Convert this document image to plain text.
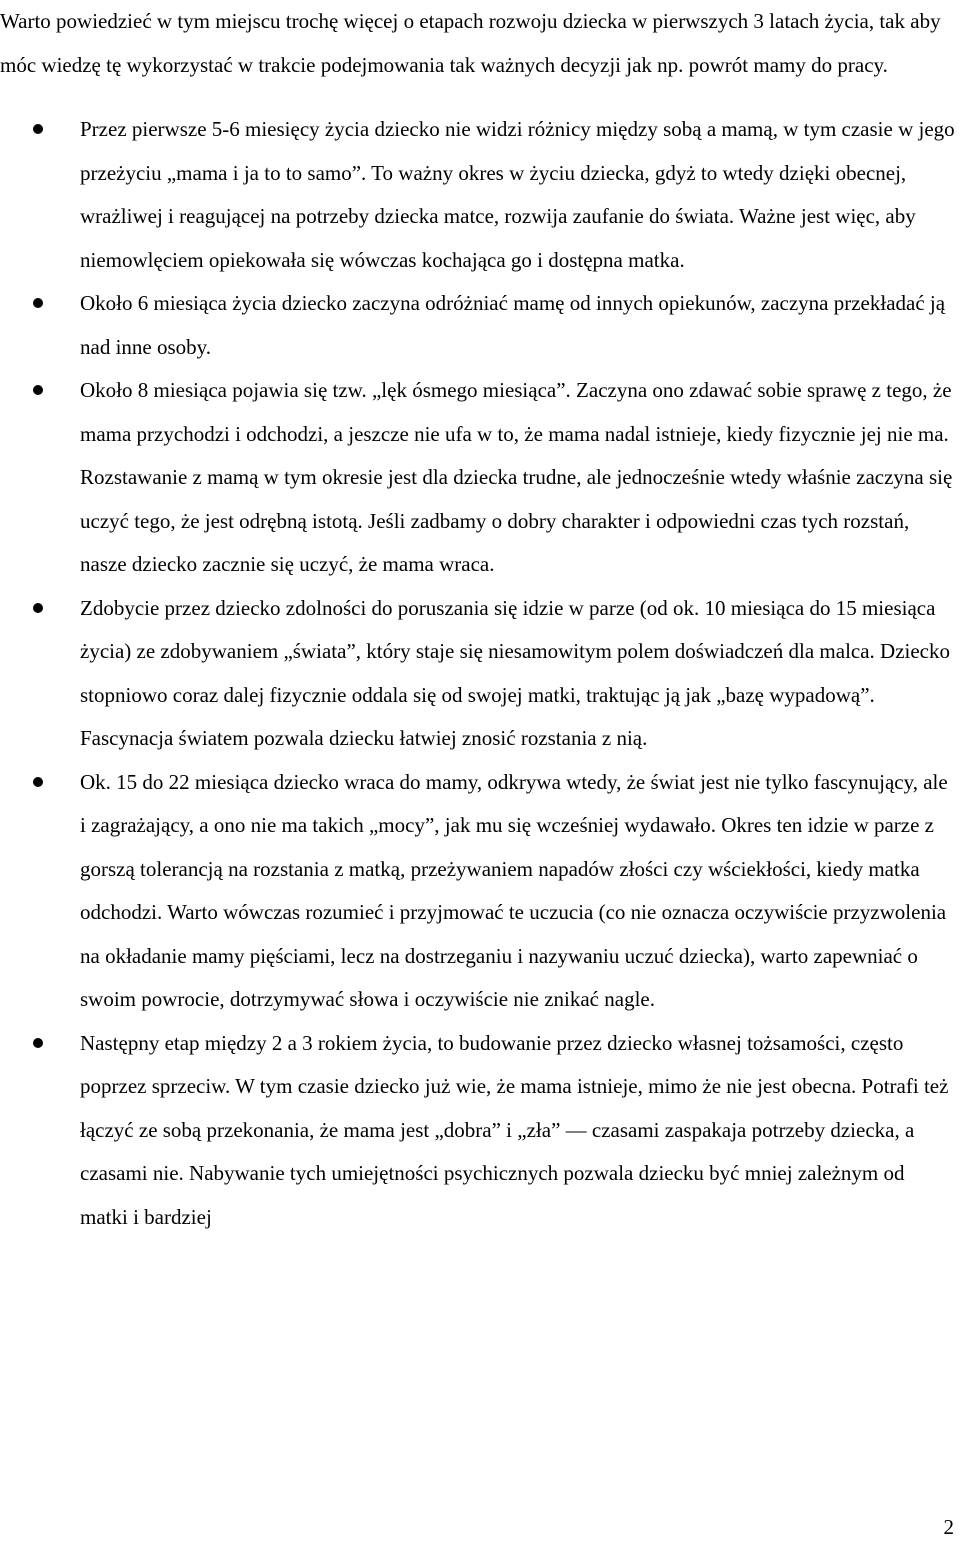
Warto powiedzieć w tym miejscu trochę więcej o etapach rozwoju dziecka w pierwszych 3 latach życia, tak aby móc wiedzę tę wykorzystać w trakcie podejmowania tak ważnych decyzji jak np. powrót mamy do pracy.

Przez pierwsze 5-6 miesięcy życia dziecko nie widzi różnicy między sobą a mamą, w tym czasie w jego przeżyciu „mama i ja to to samo”. To ważny okres w życiu dziecka, gdyż to wtedy dzięki obecnej, wrażliwej i reagującej na potrzeby dziecka matce, rozwija zaufanie do świata. Ważne jest więc, aby niemowlęciem opiekowała się wówczas kochająca go i dostępna matka.
Około 6 miesiąca życia dziecko zaczyna odróżniać mamę od innych opiekunów, zaczyna przekładać ją nad inne osoby.
Około 8 miesiąca pojawia się tzw. „lęk ósmego miesiąca”. Zaczyna ono zdawać sobie sprawę z tego, że mama przychodzi i odchodzi, a jeszcze nie ufa w to, że mama nadal istnieje, kiedy fizycznie jej nie ma. Rozstawanie z mamą w tym okresie jest dla dziecka trudne, ale jednocześnie wtedy właśnie zaczyna się uczyć tego, że jest odrębną istotą. Jeśli zadbamy o dobry charakter i odpowiedni czas tych rozstań, nasze dziecko zacznie się uczyć, że mama wraca.
Zdobycie przez dziecko zdolności do poruszania się idzie w parze (od ok. 10 miesiąca do 15 miesiąca życia) ze zdobywaniem „świata”, który staje się niesamowitym polem doświadczeń dla malca. Dziecko stopniowo coraz dalej fizycznie oddala się od swojej matki, traktując ją jak „bazę wypadową”. Fascynacja światem pozwala dziecku łatwiej znosić rozstania z nią.
Ok. 15 do 22 miesiąca dziecko wraca do mamy, odkrywa wtedy, że świat jest nie tylko fascynujący, ale i zagrażający, a ono nie ma takich „mocy”, jak mu się wcześniej wydawało. Okres ten idzie w parze z gorszą tolerancją na rozstania z matką, przeżywaniem napadów złości czy wściekłości, kiedy matka odchodzi. Warto wówczas rozumieć i przyjmować te uczucia (co nie oznacza oczywiście przyzwolenia na okładanie mamy pięściami, lecz na dostrzeganiu i nazywaniu uczuć dziecka), warto zapewniać o swoim powrocie, dotrzymywać słowa i oczywiście nie znikać nagle.
Następny etap między 2 a 3 rokiem życia, to budowanie przez dziecko własnej tożsamości, często poprzez sprzeciw. W tym czasie dziecko już wie, że mama istnieje, mimo że nie jest obecna. Potrafi też łączyć ze sobą przekonania, że mama jest „dobra” i „zła” — czasami zaspakaja potrzeby dziecka, a czasami nie. Nabywanie tych umiejętności psychicznych pozwala dziecku być mniej zależnym od matki i bardziej
2
